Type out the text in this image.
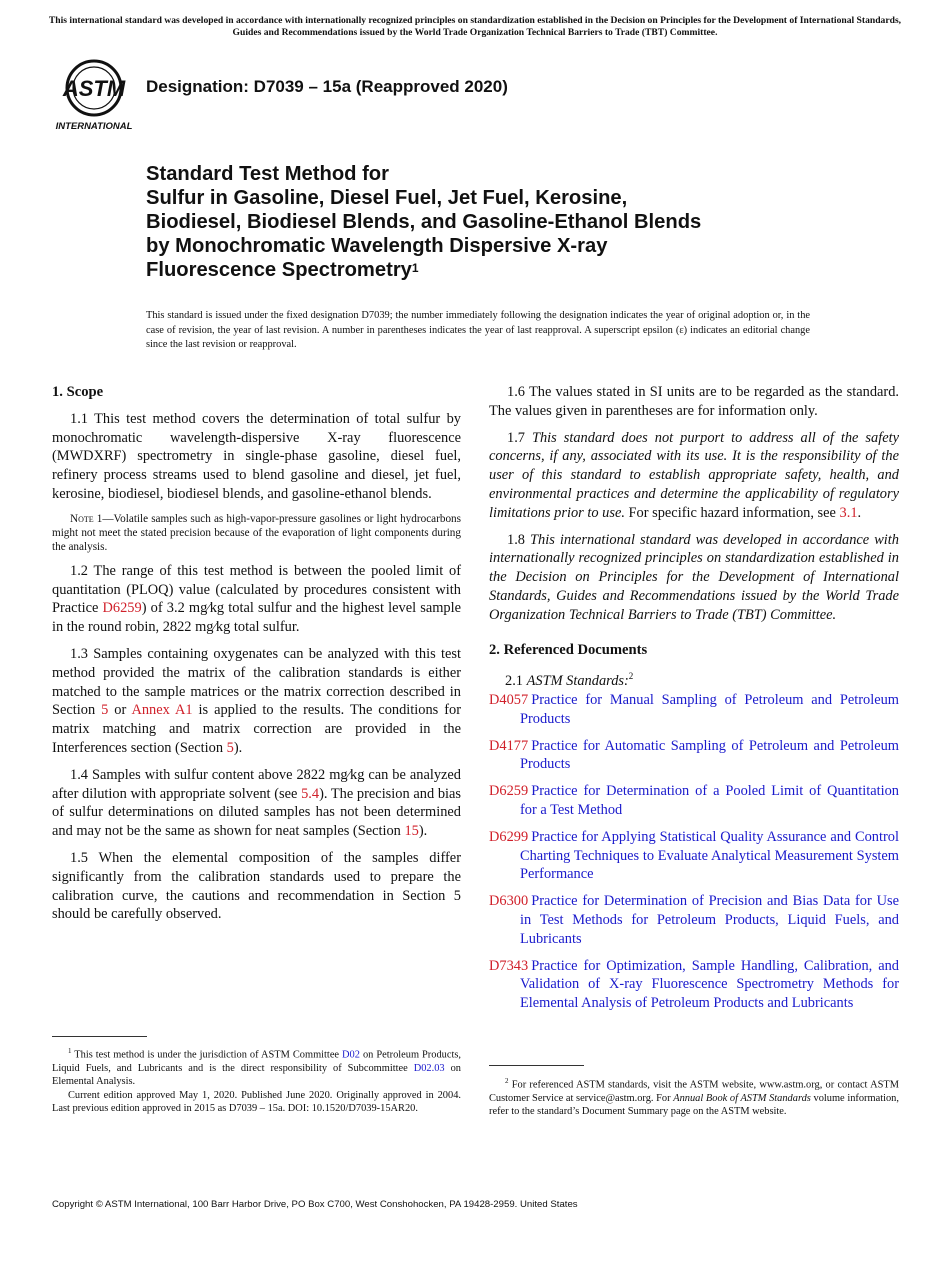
This international standard was developed in accordance with internationally recognized principles on standardization established in the Decision on Principles for the Development of International Standards, Guides and Recommendations issued by the World Trade Organization Technical Barriers to Trade (TBT) Committee.
ASTM
INTERNATIONAL
Designation: D7039 – 15a (Reapproved 2020)
Standard Test Method for
Sulfur in Gasoline, Diesel Fuel, Jet Fuel, Kerosine,
Biodiesel, Biodiesel Blends, and Gasoline-Ethanol Blends
by Monochromatic Wavelength Dispersive X-ray
Fluorescence Spectrometry$^1$
This standard is issued under the fixed designation D7039; the number immediately following the designation indicates the year of original adoption or, in the case of revision, the year of last revision. A number in parentheses indicates the year of last reapproval. A superscript epsilon (ε) indicates an editorial change since the last revision or reapproval.

1. Scope

1.1 This test method covers the determination of total sulfur by monochromatic wavelength-dispersive X-ray fluorescence (MWDXRF) spectrometry in single-phase gasoline, diesel fuel, refinery process streams used to blend gasoline and diesel, jet fuel, kerosine, biodiesel, biodiesel blends, and gasoline-ethanol blends.

Note 1—Volatile samples such as high-vapor-pressure gasolines or light hydrocarbons might not meet the stated precision because of the evaporation of light components during the analysis.

1.2 The range of this test method is between the pooled limit of quantitation (PLOQ) value (calculated by procedures consistent with Practice D6259) of 3.2 mg∕kg total sulfur and the highest level sample in the round robin, 2822 mg∕kg total sulfur.

1.3 Samples containing oxygenates can be analyzed with this test method provided the matrix of the calibration standards is either matched to the sample matrices or the matrix correction described in Section 5 or Annex A1 is applied to the results. The conditions for matrix matching and matrix correction are provided in the Interferences section (Section 5).

1.4 Samples with sulfur content above 2822 mg∕kg can be analyzed after dilution with appropriate solvent (see 5.4). The precision and bias of sulfur determinations on diluted samples has not been determined and may not be the same as shown for neat samples (Section 15).

1.5 When the elemental composition of the samples differ significantly from the calibration standards used to prepare the calibration curve, the cautions and recommendation in Section 5 should be carefully observed.

$^1$ This test method is under the jurisdiction of ASTM Committee D02 on Petroleum Products, Liquid Fuels, and Lubricants and is the direct responsibility of Subcommittee D02.03 on Elemental Analysis.

Current edition approved May 1, 2020. Published June 2020. Originally approved in 2004. Last previous edition approved in 2015 as D7039 – 15a. DOI: 10.1520/D7039-15AR20.

1.6 The values stated in SI units are to be regarded as the standard. The values given in parentheses are for information only.

1.7 This standard does not purport to address all of the safety concerns, if any, associated with its use. It is the responsibility of the user of this standard to establish appropriate safety, health, and environmental practices and determine the applicability of regulatory limitations prior to use. For specific hazard information, see 3.1.

1.8 This international standard was developed in accordance with internationally recognized principles on standardization established in the Decision on Principles for the Development of International Standards, Guides and Recommendations issued by the World Trade Organization Technical Barriers to Trade (TBT) Committee.

2. Referenced Documents

2.1 ASTM Standards:$^2$

D4057 Practice for Manual Sampling of Petroleum and Petroleum Products

D4177 Practice for Automatic Sampling of Petroleum and Petroleum Products

D6259 Practice for Determination of a Pooled Limit of Quantitation for a Test Method

D6299 Practice for Applying Statistical Quality Assurance and Control Charting Techniques to Evaluate Analytical Measurement System Performance

D6300 Practice for Determination of Precision and Bias Data for Use in Test Methods for Petroleum Products, Liquid Fuels, and Lubricants

D7343 Practice for Optimization, Sample Handling, Calibration, and Validation of X-ray Fluorescence Spectrometry Methods for Elemental Analysis of Petroleum Products and Lubricants

$^2$ For referenced ASTM standards, visit the ASTM website, www.astm.org, or contact ASTM Customer Service at service@astm.org. For Annual Book of ASTM Standards volume information, refer to the standard’s Document Summary page on the ASTM website.

Copyright © ASTM International, 100 Barr Harbor Drive, PO Box C700, West Conshohocken, PA 19428-2959. United States
